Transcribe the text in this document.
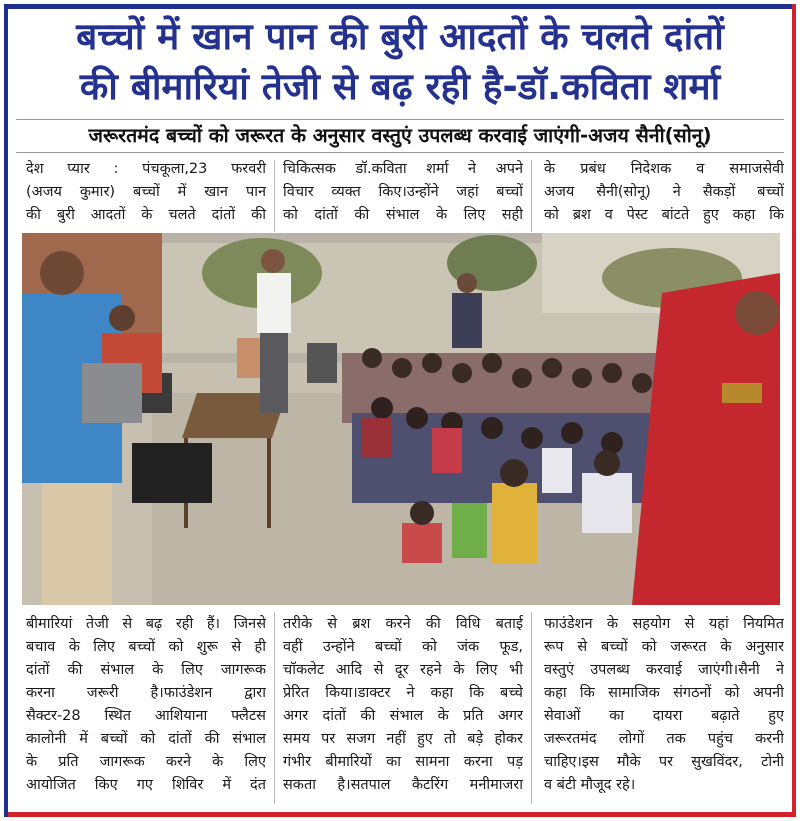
बच्चों में खान पान की बुरी आदतों के चलते दांतों
की बीमारियां तेजी से बढ़ रही है-डॉ.कविता शर्मा
जरूरतमंद बच्चों को जरूरत के अनुसार वस्तुएं उपलब्ध करवाई जाएंगी-अजय सैनी(सोनू)
देश प्यार : पंचकूला,23 फरवरी
(अजय कुमार) बच्चों में खान पान
की बुरी आदतों के चलते दांतों की
चिकित्सक डॉ.कविता शर्मा ने अपने
विचार व्यक्त किए।उन्होंने जहां बच्चों
को दांतों की संभाल के लिए सही
के प्रबंध निदेशक व समाजसेवी
अजय सैनी(सोनू) ने सैकड़ों बच्चों
को ब्रश व पेस्ट बांटते हुए कहा कि
बीमारियां तेजी से बढ़ रही हैं। जिनसे
बचाव के लिए बच्चों को शुरू से ही
दांतों की संभाल के लिए जागरूक
करना जरूरी है।फाउंडेशन द्वारा
सैक्टर-28 स्थित आशियाना फ्लैटस
कालोनी में बच्चों को दांतों की संभाल
के प्रति जागरूक करने के लिए
आयोजित किए गए शिविर में दंत
तरीके से ब्रश करने की विधि बताई
वहीं उन्होंने बच्चों को जंक फूड,
चॉकलेट आदि से दूर रहने के लिए भी
प्रेरित किया।डाक्टर ने कहा कि बच्चे
अगर दांतों की संभाल के प्रति अगर
समय पर सजग नहीं हुए तो बड़े होकर
गंभीर बीमारियों का सामना करना पड़
सकता है।सतपाल कैटरिंग मनीमाजरा
फाउंडेशन के सहयोग से यहां नियमित
रूप से बच्चों को जरूरत के अनुसार
वस्तुएं उपलब्ध करवाई जाएंगी।सैनी ने
कहा कि सामाजिक संगठनों को अपनी
सेवाओं का दायरा बढ़ाते हुए
जरूरतमंद लोगों तक पहुंच करनी
चाहिए।इस मौके पर सुखविंदर, टोनी
व बंटी मौजूद रहे।
